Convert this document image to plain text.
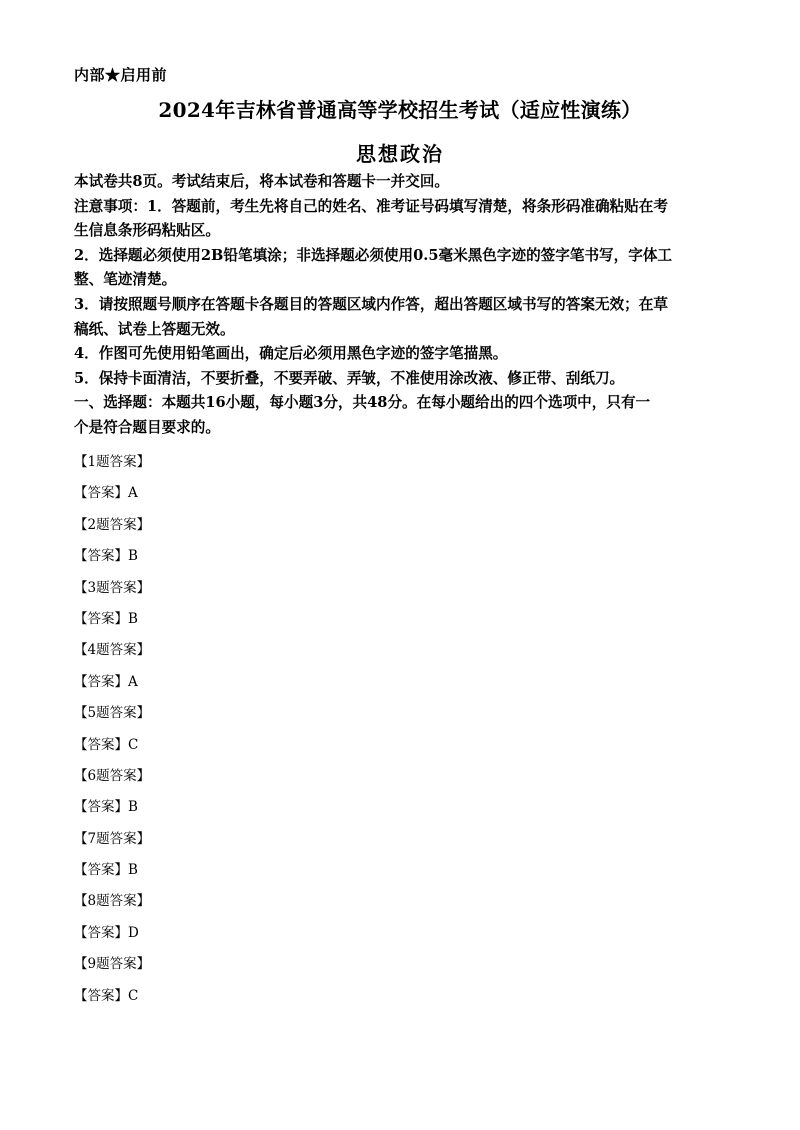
内部★启用前
2024年吉林省普通高等学校招生考试（适应性演练）
思想政治

本试卷共8页。考试结束后，将本试卷和答题卡一并交回。

注意事项：1．答题前，考生先将自己的姓名、准考证号码填写清楚，将条形码准确粘贴在考

生信息条形码粘贴区。

2．选择题必须使用2B铅笔填涂；非选择题必须使用0.5毫米黑色字迹的签字笔书写，字体工

整、笔迹清楚。

3．请按照题号顺序在答题卡各题目的答题区域内作答，超出答题区域书写的答案无效；在草

稿纸、试卷上答题无效。

4．作图可先使用铅笔画出，确定后必须用黑色字迹的签字笔描黑。

5．保持卡面清洁，不要折叠，不要弄破、弄皱，不准使用涂改液、修正带、刮纸刀。

一、选择题：本题共16小题，每小题3分，共48分。在每小题给出的四个选项中，只有一

个是符合题目要求的。

【1题答案】

【答案】A

【2题答案】

【答案】B

【3题答案】

【答案】B

【4题答案】

【答案】A

【5题答案】

【答案】C

【6题答案】

【答案】B

【7题答案】

【答案】B

【8题答案】

【答案】D

【9题答案】

【答案】C
